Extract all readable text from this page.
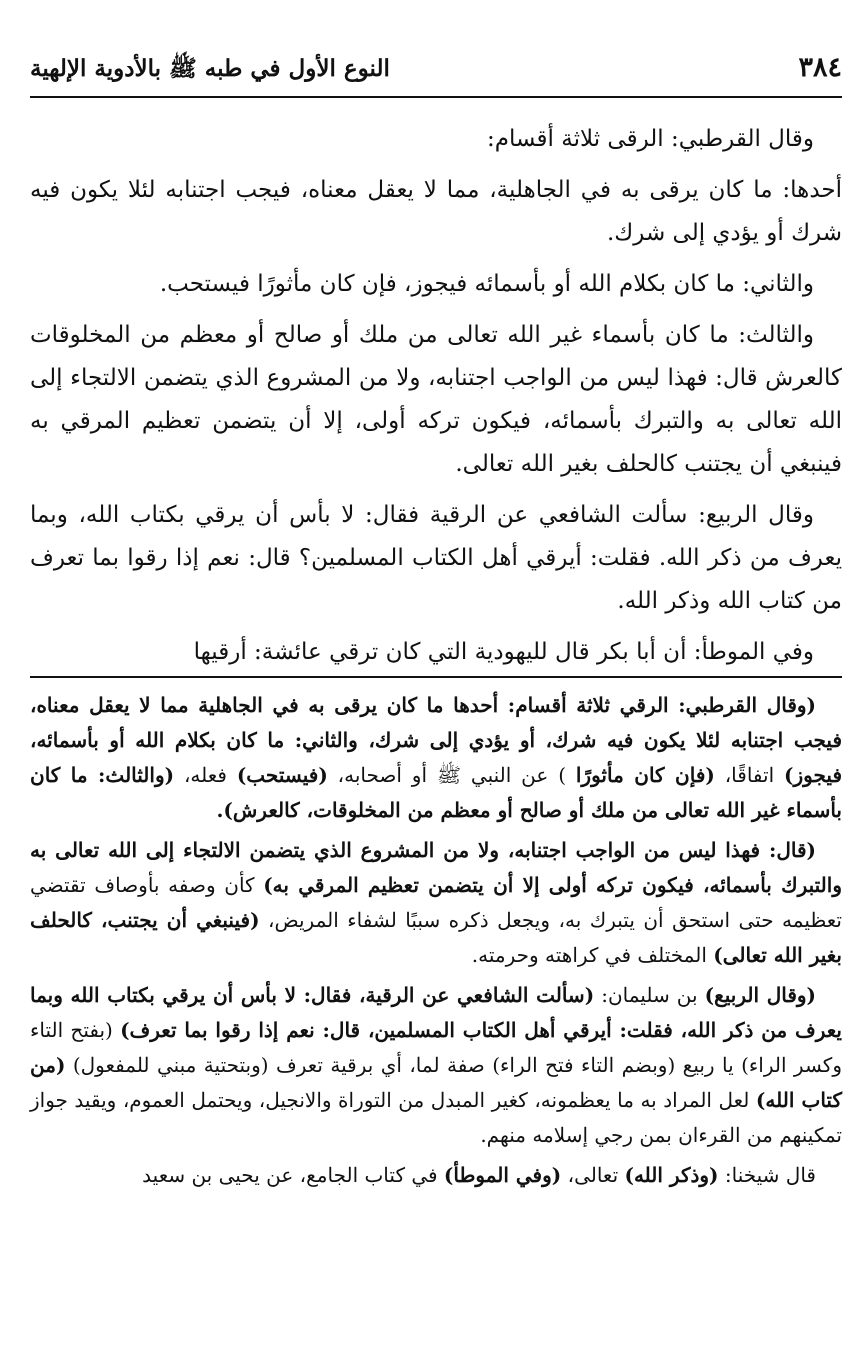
٣٨٤
النوع الأول في طبه ﷺ بالأدوية الإلهية

وقال القرطبي: الرقى ثلاثة أقسام:

أحدها: ما كان يرقى به في الجاهلية، مما لا يعقل معناه، فيجب اجتنابه لئلا يكون فيه شرك أو يؤدي إلى شرك.

والثاني: ما كان بكلام الله أو بأسمائه فيجوز، فإن كان مأثورًا فيستحب.

والثالث: ما كان بأسماء غير الله تعالى من ملك أو صالح أو معظم من المخلوقات كالعرش قال: فهذا ليس من الواجب اجتنابه، ولا من المشروع الذي يتضمن الالتجاء إلى الله تعالى به والتبرك بأسمائه، فيكون تركه أولى، إلا أن يتضمن تعظيم المرقي به فينبغي أن يجتنب كالحلف بغير الله تعالى.

وقال الربيع: سألت الشافعي عن الرقية فقال: لا بأس أن يرقي بكتاب الله، وبما يعرف من ذكر الله. فقلت: أيرقي أهل الكتاب المسلمين؟ قال: نعم إذا رقوا بما تعرف من كتاب الله وذكر الله.

وفي الموطأ: أن أبا بكر قال لليهودية التي كان ترقي عائشة: أرقيها

(وقال القرطبي: الرقي ثلاثة أقسام: أحدها ما كان يرقى به في الجاهلية مما لا يعقل معناه، فيجب اجتنابه لئلا يكون فيه شرك، أو يؤدي إلى شرك، والثاني: ما كان بكلام الله أو بأسمائه، فيجوز) اتفاقًا، (فإن كان مأثورًا ) عن النبي ﷺ أو أصحابه، (فيستحب) فعله، (والثالث: ما كان بأسماء غير الله تعالى من ملك أو صالح أو معظم من المخلوقات، كالعرش).

(قال: فهذا ليس من الواجب اجتنابه، ولا من المشروع الذي يتضمن الالتجاء إلى الله تعالى به والتبرك بأسمائه، فيكون تركه أولى إلا أن يتضمن تعظيم المرقي به) كأن وصفه بأوصاف تقتضي تعظيمه حتى استحق أن يتبرك به، ويجعل ذكره سببًا لشفاء المريض، (فينبغي أن يجتنب، كالحلف بغير الله تعالى) المختلف في كراهته وحرمته.

(وقال الربيع) بن سليمان: (سألت الشافعي عن الرقية، فقال: لا بأس أن يرقي بكتاب الله وبما يعرف من ذكر الله، فقلت: أيرقي أهل الكتاب المسلمين، قال: نعم إذا رقوا بما تعرف) (بفتح التاء وكسر الراء) يا ربيع (وبضم التاء فتح الراء) صفة لما، أي برقية تعرف (وبتحتية مبني للمفعول) (من كتاب الله) لعل المراد به ما يعظمونه، كغير المبدل من التوراة والانجيل، ويحتمل العموم، ويقيد جواز تمكينهم من القرءان بمن رجي إسلامه منهم.

قال شيخنا: (وذكر الله) تعالى، (وفي الموطأ) في كتاب الجامع، عن يحيى بن سعيد
